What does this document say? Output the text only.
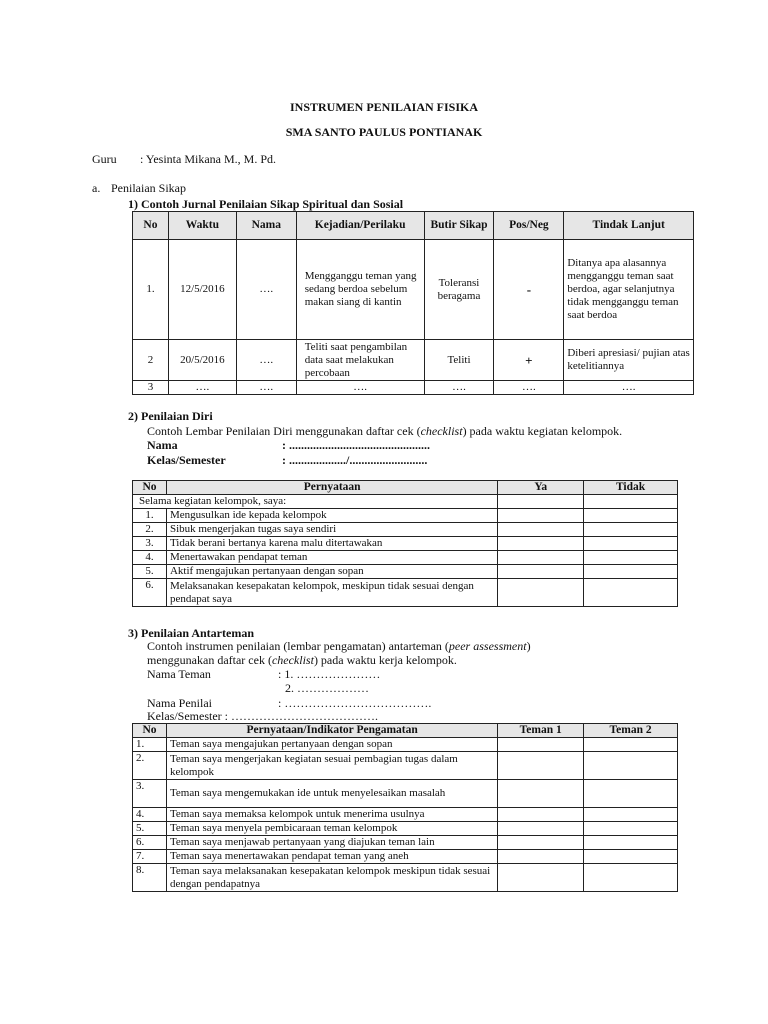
INSTRUMEN PENILAIAN FISIKA
SMA SANTO PAULUS PONTIANAK
Guru : Yesinta Mikana M., M. Pd.
a. Penilaian Sikap
1) Contoh Jurnal Penilaian Sikap Spiritual dan Sosial
No	Waktu	Nama	Kejadian/Perilaku	Butir Sikap	Pos/Neg	Tindak Lanjut
1.	12/5/2016	….	Mengganggu teman yang sedang berdoa sebelum makan siang di kantin	Toleransi beragama	-	Ditanya apa alasannya mengganggu teman saat berdoa, agar selanjutnya tidak mengganggu teman saat berdoa
2	20/5/2016	….	Teliti saat pengambilan data saat melakukan percobaan	Teliti	+	Diberi apresiasi/ pujian atas ketelitiannya
3	….	….	….	….	….	….
2) Penilaian Diri
Contoh Lembar Penilaian Diri menggunakan daftar cek (checklist) pada waktu kegiatan kelompok.
Nama	: ...............................................
Kelas/Semester	: .................../..........................
No	Pernyataan	Ya	Tidak
Selama kegiatan kelompok, saya:			
1.	Mengusulkan ide kepada kelompok		
2.	Sibuk mengerjakan tugas saya sendiri		
3.	Tidak berani bertanya karena malu ditertawakan		
4.	Menertawakan pendapat teman		
5.	Aktif mengajukan pertanyaan dengan sopan		
6.	Melaksanakan kesepakatan kelompok, meskipun tidak sesuai dengan pendapat saya		
3) Penilaian Antarteman
Contoh instrumen penilaian (lembar pengamatan) antarteman (peer assessment)
menggunakan daftar cek (checklist) pada waktu kerja kelompok.
Nama Teman	: 1. …………………
2. ………………
Nama Penilai	: ……………………………….
Kelas/Semester : ……………………………….
No	Pernyataan/Indikator Pengamatan	Teman 1	Teman 2
1.	Teman saya mengajukan pertanyaan dengan sopan		
2.	Teman saya mengerjakan kegiatan sesuai pembagian tugas dalam kelompok		
3.	Teman saya mengemukakan ide untuk menyelesaikan masalah		
4.	Teman saya memaksa kelompok untuk menerima usulnya		
5.	Teman saya menyela pembicaraan teman kelompok		
6.	Teman saya menjawab pertanyaan yang diajukan teman lain		
7.	Teman saya menertawakan pendapat teman yang aneh		
8.	Teman saya melaksanakan kesepakatan kelompok meskipun tidak sesuai dengan pendapatnya		
